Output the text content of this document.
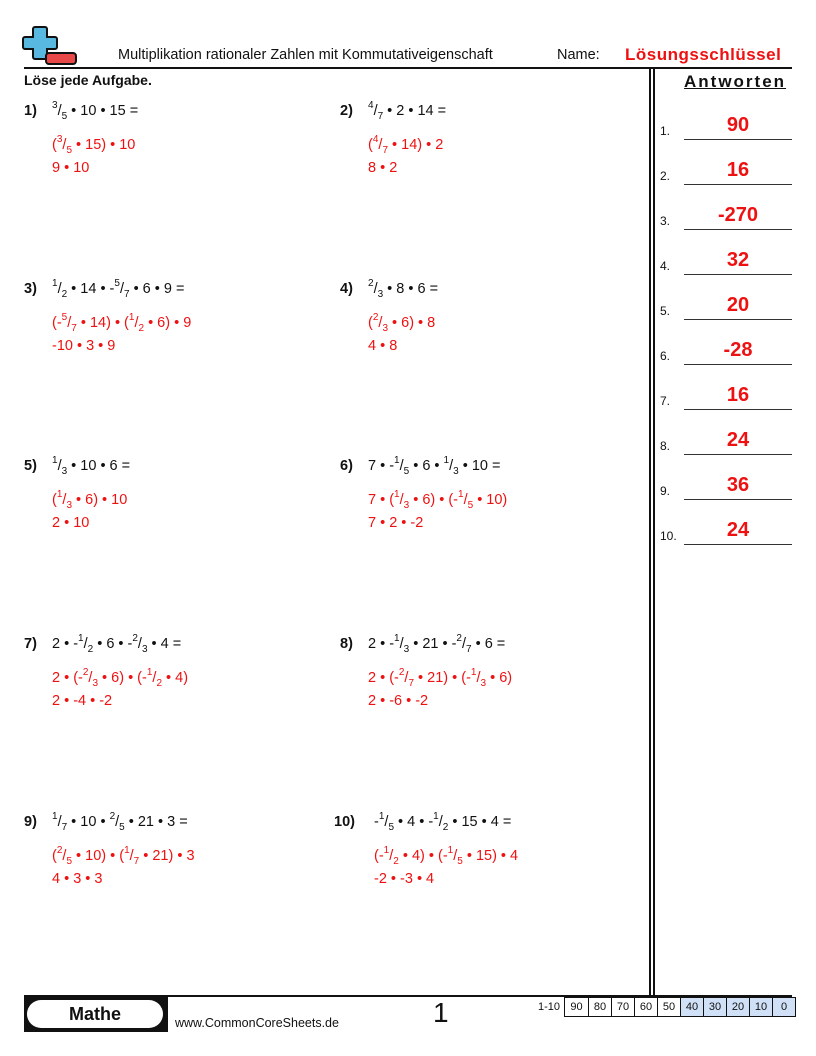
Multiplikation rationaler Zahlen mit Kommutativeigenschaft	Name: Lösungsschlüssel
Löse jede Aufgabe.	Antworten
1.	90
2.	16
3.	-270
4.	32
5.	20
6.	-28
7.	16
8.	24
9.	36
10.	24
1) $^3/_5$ • 10 • 15 =
($^3/_5$ • 15) • 10
9 • 10
2) $^4/_7$ • 2 • 14 =
($^4/_7$ • 14) • 2
8 • 2
3) $^1/_2$ • 14 • $-^5/_7$ • 6 • 9 =
($-^5/_7$ • 14) • ($^1/_2$ • 6) • 9
-10 • 3 • 9
4) $^2/_3$ • 8 • 6 =
($^2/_3$ • 6) • 8
4 • 8
5) $^1/_3$ • 10 • 6 =
($^1/_3$ • 6) • 10
2 • 10
6) 7 • $-^1/_5$ • 6 • $^1/_3$ • 10 =
7 • ($^1/_3$ • 6) • ($-^1/_5$ • 10)
7 • 2 • -2
7) 2 • $-^1/_2$ • 6 • $-^2/_3$ • 4 =
2 • ($-^2/_3$ • 6) • ($-^1/_2$ • 4)
2 • -4 • -2
8) 2 • $-^1/_3$ • 21 • $-^2/_7$ • 6 =
2 • ($-^2/_7$ • 21) • ($-^1/_3$ • 6)
2 • -6 • -2
9) $^1/_7$ • 10 • $^2/_5$ • 21 • 3 =
($^2/_5$ • 10) • ($^1/_7$ • 21) • 3
4 • 3 • 3
10) $-^1/_5$ • 4 • $-^1/_2$ • 15 • 4 =
($-^1/_2$ • 4) • ($-^1/_5$ • 15) • 4
-2 • -3 • 4
Mathe	www.CommonCoreSheets.de	1	1-10 90	80 70 60 50 40 30 20 10	0
